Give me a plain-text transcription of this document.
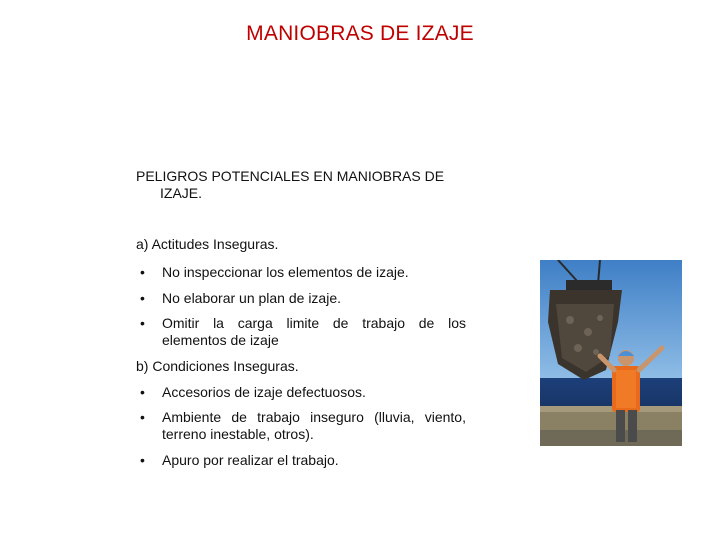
MANIOBRAS DE IZAJE
PELIGROS POTENCIALES EN MANIOBRAS DE
IZAJE.
a) Actitudes Inseguras.
•	No inspeccionar los elementos de izaje.
•	No elaborar un plan de izaje.
•	Omitir la carga limite de trabajo de los
elementos de izaje
b) Condiciones Inseguras.
•	Accesorios de izaje defectuosos.
•	Ambiente de trabajo inseguro (lluvia, viento,
terreno inestable, otros).
•	Apuro por realizar el trabajo.
